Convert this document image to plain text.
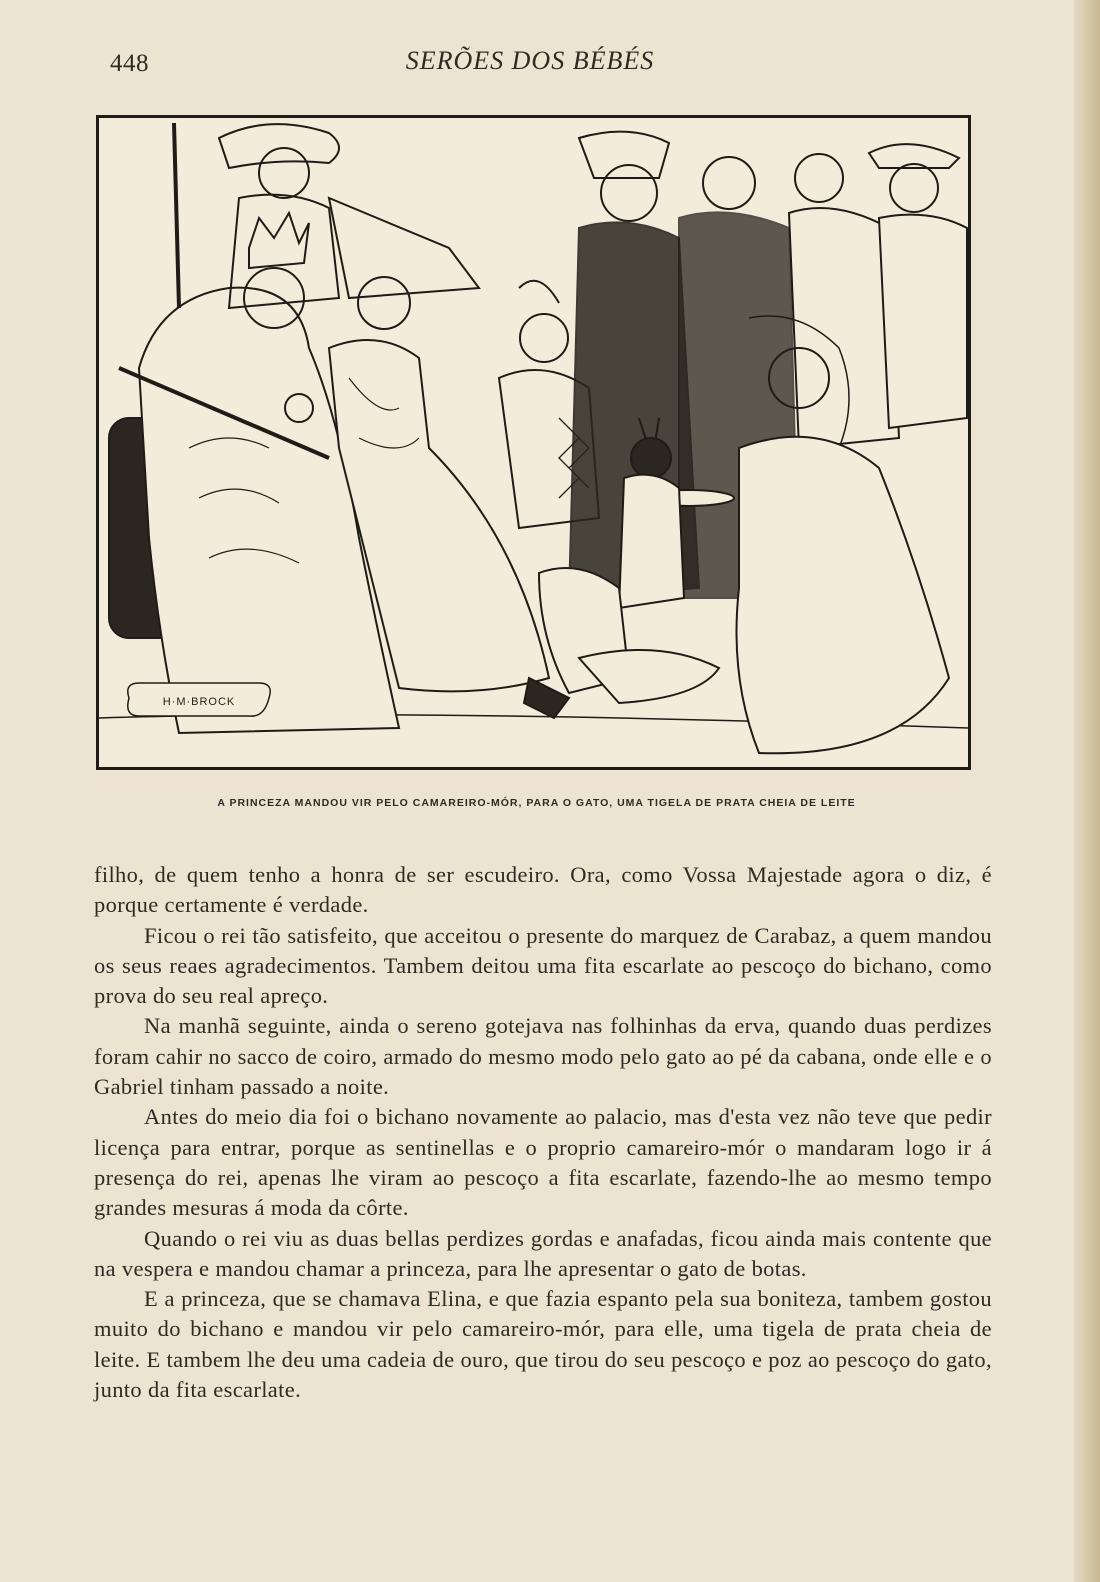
448	SERÕES DOS BÉBÉS
H·M·BROCK
A PRINCEZA MANDOU VIR PELO CAMAREIRO-MÓR, PARA O GATO, UMA TIGELA DE PRATA CHEIA DE LEITE

filho, de quem tenho a honra de ser escudeiro. Ora, como Vossa Majestade agora o diz, é porque certamente é verdade.

Ficou o rei tão satisfeito, que acceitou o presente do marquez de Carabaz, a quem mandou os seus reaes agradecimentos. Tambem deitou uma fita escarlate ao pescoço do bichano, como prova do seu real apreço.

Na manhã seguinte, ainda o sereno gotejava nas folhinhas da erva, quando duas perdizes foram cahir no sacco de coiro, armado do mesmo modo pelo gato ao pé da cabana, onde elle e o Gabriel tinham passado a noite.

Antes do meio dia foi o bichano novamente ao palacio, mas d'esta vez não teve que pedir licença para entrar, porque as sentinellas e o proprio camareiro-mór o mandaram logo ir á presença do rei, apenas lhe viram ao pescoço a fita escarlate, fazendo-lhe ao mesmo tempo grandes mesuras á moda da côrte.

Quando o rei viu as duas bellas perdizes gordas e anafadas, ficou ainda mais contente que na vespera e mandou chamar a princeza, para lhe apresentar o gato de botas.

E a princeza, que se chamava Elina, e que fazia espanto pela sua boniteza, tambem gostou muito do bichano e mandou vir pelo camareiro-mór, para elle, uma tigela de prata cheia de leite. E tambem lhe deu uma cadeia de ouro, que tirou do seu pescoço e poz ao pescoço do gato, junto da fita escarlate.
